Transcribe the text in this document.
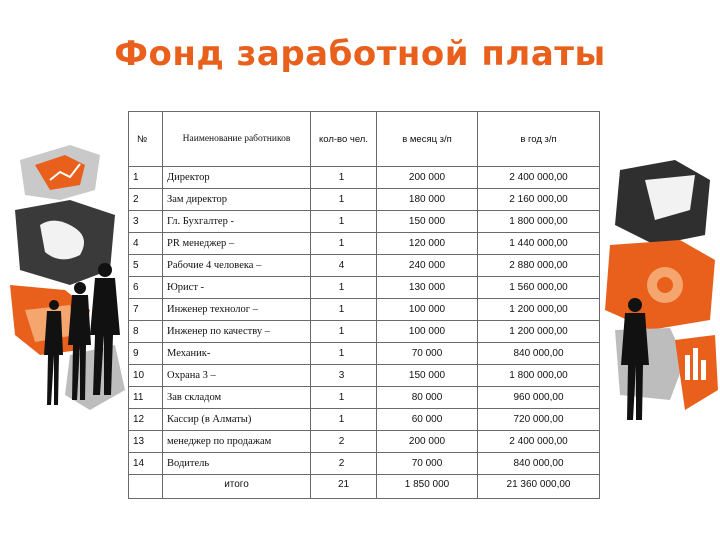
Фонд заработной платы
№	Наименование работников	кол-во чел.	в месяц з/п	в год з/п
1	Директор	1	200 000	2 400 000,00
2	Зам директор	1	180 000	2 160 000,00
3	Гл. Бухгалтер -	1	150 000	1 800 000,00
4	PR менеджер –	1	120 000	1 440 000,00
5	Рабочие 4 человека –	4	240 000	2 880 000,00
6	Юрист -	1	130 000	1 560 000,00
7	Инженер технолог –	1	100 000	1 200 000,00
8	Инженер по качеству –	1	100 000	1 200 000,00
9	Механик-	1	70 000	840 000,00
10	Охрана 3 –	3	150 000	1 800 000,00
11	Зав складом	1	80 000	960 000,00
12	Кассир (в Алматы)	1	60 000	720 000,00
13	менеджер по продажам	2	200 000	2 400 000,00
14	Водитель	2	70 000	840 000,00
	итого	21	1 850 000	21 360 000,00
